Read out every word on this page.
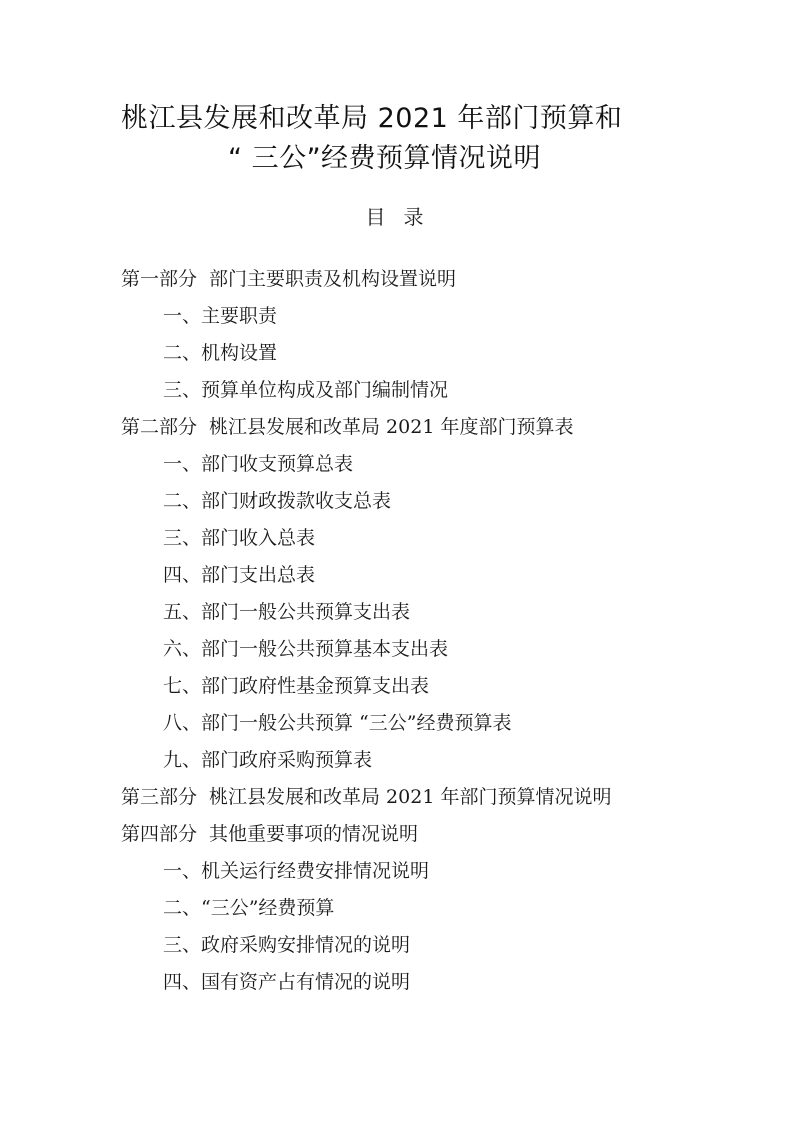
桃江县发展和改革局 2021 年部门预算和
“ 三公”经费预算情况说明
目录
第一部分 部门主要职责及机构设置说明
一、主要职责
二、机构设置
三、预算单位构成及部门编制情况
第二部分 桃江县发展和改革局 2021 年度部门预算表
一、部门收支预算总表
二、部门财政拨款收支总表
三、部门收入总表
四、部门支出总表
五、部门一般公共预算支出表
六、部门一般公共预算基本支出表
七、部门政府性基金预算支出表
八、部门一般公共预算 “三公”经费预算表
九、部门政府采购预算表
第三部分 桃江县发展和改革局 2021 年部门预算情况说明
第四部分 其他重要事项的情况说明
一、机关运行经费安排情况说明
二、“三公”经费预算
三、政府采购安排情况的说明
四、国有资产占有情况的说明
